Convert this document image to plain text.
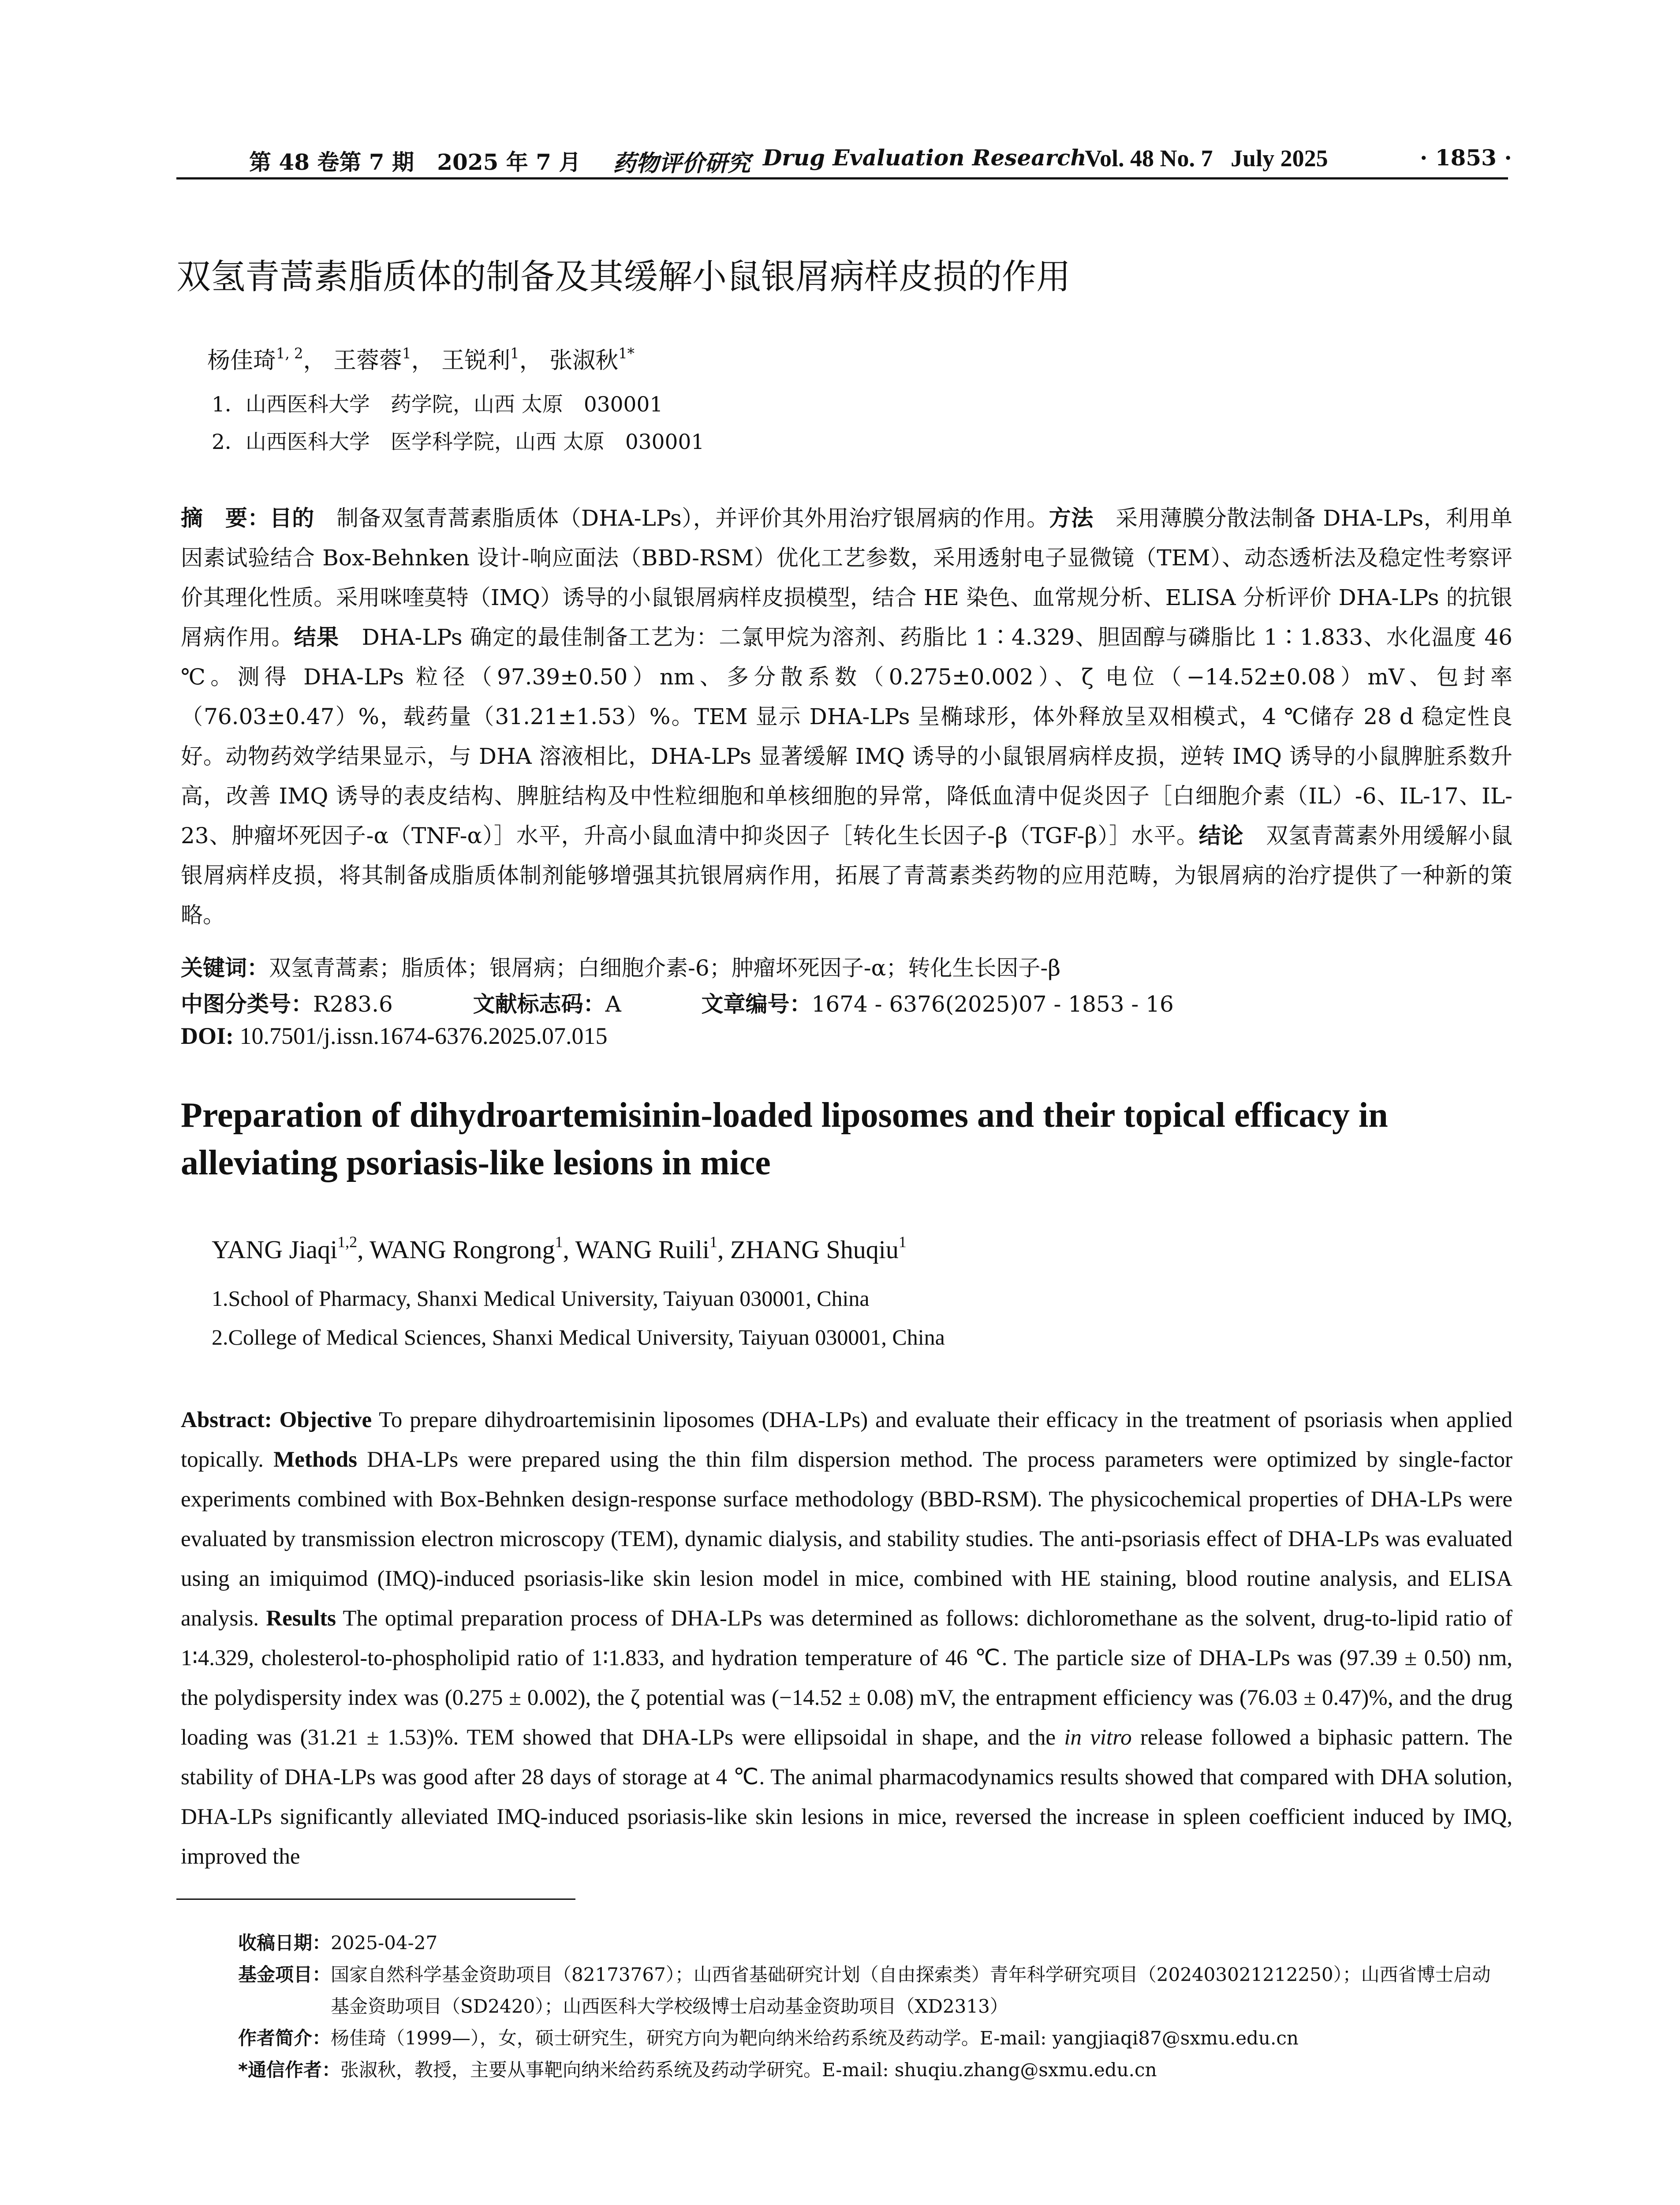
第 48 卷第 7 期   2025 年 7 月 药物评价研究 Drug Evaluation Research
Vol. 48 No. 7   July 2025	· 1853 ·
双氢青蒿素脂质体的制备及其缓解小鼠银屑病样皮损的作用
杨佳琦$^{1, 2}$， 王蓉蓉$^1$， 王锐利$^1$， 张淑秋$^{1*}$
1．山西医科大学　药学院，山西 太原　030001
2．山西医科大学　医学科学院，山西 太原　030001
摘　要：目的　制备双氢青蒿素脂质体（DHA-LPs），并评价其外用治疗银屑病的作用。方法　采用薄膜分散法制备 DHA-LPs，利用单因素试验结合 Box-Behnken 设计-响应面法（BBD-RSM）优化工艺参数，采用透射电子显微镜（TEM）、动态透析法及稳定性考察评价其理化性质。采用咪喹莫特（IMQ）诱导的小鼠银屑病样皮损模型，结合 HE 染色、血常规分析、ELISA 分析评价 DHA-LPs 的抗银屑病作用。结果　DHA-LPs 确定的最佳制备工艺为：二氯甲烷为溶剂、药脂比 1∶4.329、胆固醇与磷脂比 1∶1.833、水化温度 46 ℃。测得 DHA-LPs 粒径（97.39±0.50）nm、多分散系数（0.275±0.002）、ζ 电位（−14.52±0.08）mV、包封率（76.03±0.47）%，载药量（31.21±1.53）%。TEM 显示 DHA-LPs 呈椭球形，体外释放呈双相模式，4 ℃储存 28 d 稳定性良好。动物药效学结果显示，与 DHA 溶液相比，DHA-LPs 显著缓解 IMQ 诱导的小鼠银屑病样皮损，逆转 IMQ 诱导的小鼠脾脏系数升高，改善 IMQ 诱导的表皮结构、脾脏结构及中性粒细胞和单核细胞的异常，降低血清中促炎因子［白细胞介素（IL）-6、IL-17、IL-23、肿瘤坏死因子-α（TNF-α）］水平，升高小鼠血清中抑炎因子［转化生长因子-β（TGF-β）］水平。结论　双氢青蒿素外用缓解小鼠银屑病样皮损，将其制备成脂质体制剂能够增强其抗银屑病作用，拓展了青蒿素类药物的应用范畴，为银屑病的治疗提供了一种新的策略。
关键词：双氢青蒿素；脂质体；银屑病；白细胞介素-6；肿瘤坏死因子-α；转化生长因子-β
中图分类号：R283.6	文献标志码：A	文章编号：1674 - 6376(2025)07 - 1853 - 16
DOI: 10.7501/j.issn.1674-6376.2025.07.015
Preparation of dihydroartemisinin-loaded liposomes and their topical efficacy in alleviating psoriasis-like lesions in mice
YANG Jiaqi$^{1,2}$, WANG Rongrong$^1$, WANG Ruili$^1$, ZHANG Shuqiu$^1$
1.School of Pharmacy, Shanxi Medical University, Taiyuan 030001, China
2.College of Medical Sciences, Shanxi Medical University, Taiyuan 030001, China
Abstract: Objective To prepare dihydroartemisinin liposomes (DHA-LPs) and evaluate their efficacy in the treatment of psoriasis when applied topically. Methods DHA-LPs were prepared using the thin film dispersion method. The process parameters were optimized by single-factor experiments combined with Box-Behnken design-response surface methodology (BBD-RSM). The physicochemical properties of DHA-LPs were evaluated by transmission electron microscopy (TEM), dynamic dialysis, and stability studies. The anti-psoriasis effect of DHA-LPs was evaluated using an imiquimod (IMQ)-induced psoriasis-like skin lesion model in mice, combined with HE staining, blood routine analysis, and ELISA analysis. Results The optimal preparation process of DHA-LPs was determined as follows: dichloromethane as the solvent, drug-to-lipid ratio of 1∶4.329, cholesterol-to-phospholipid ratio of 1∶1.833, and hydration temperature of 46 ℃. The particle size of DHA-LPs was (97.39 ± 0.50) nm, the polydispersity index was (0.275 ± 0.002), the ζ potential was (−14.52 ± 0.08) mV, the entrapment efficiency was (76.03 ± 0.47)%, and the drug loading was (31.21 ± 1.53)%. TEM showed that DHA-LPs were ellipsoidal in shape, and the in vitro release followed a biphasic pattern. The stability of DHA-LPs was good after 28 days of storage at 4 ℃. The animal pharmacodynamics results showed that compared with DHA solution, DHA-LPs significantly alleviated IMQ-induced psoriasis-like skin lesions in mice, reversed the increase in spleen coefficient induced by IMQ, improved the
收稿日期： 2025-04-27
基金项目： 国家自然科学基金资助项目（82173767）；山西省基础研究计划（自由探索类）青年科学研究项目（202403021212250）；山西省博士启动基金资助项目（SD2420）；山西医科大学校级博士启动基金资助项目（XD2313）
作者简介： 杨佳琦（1999—），女，硕士研究生，研究方向为靶向纳米给药系统及药动学。E-mail: yangjiaqi87@sxmu.edu.cn
*通信作者： 张淑秋，教授，主要从事靶向纳米给药系统及药动学研究。E-mail: shuqiu.zhang@sxmu.edu.cn
